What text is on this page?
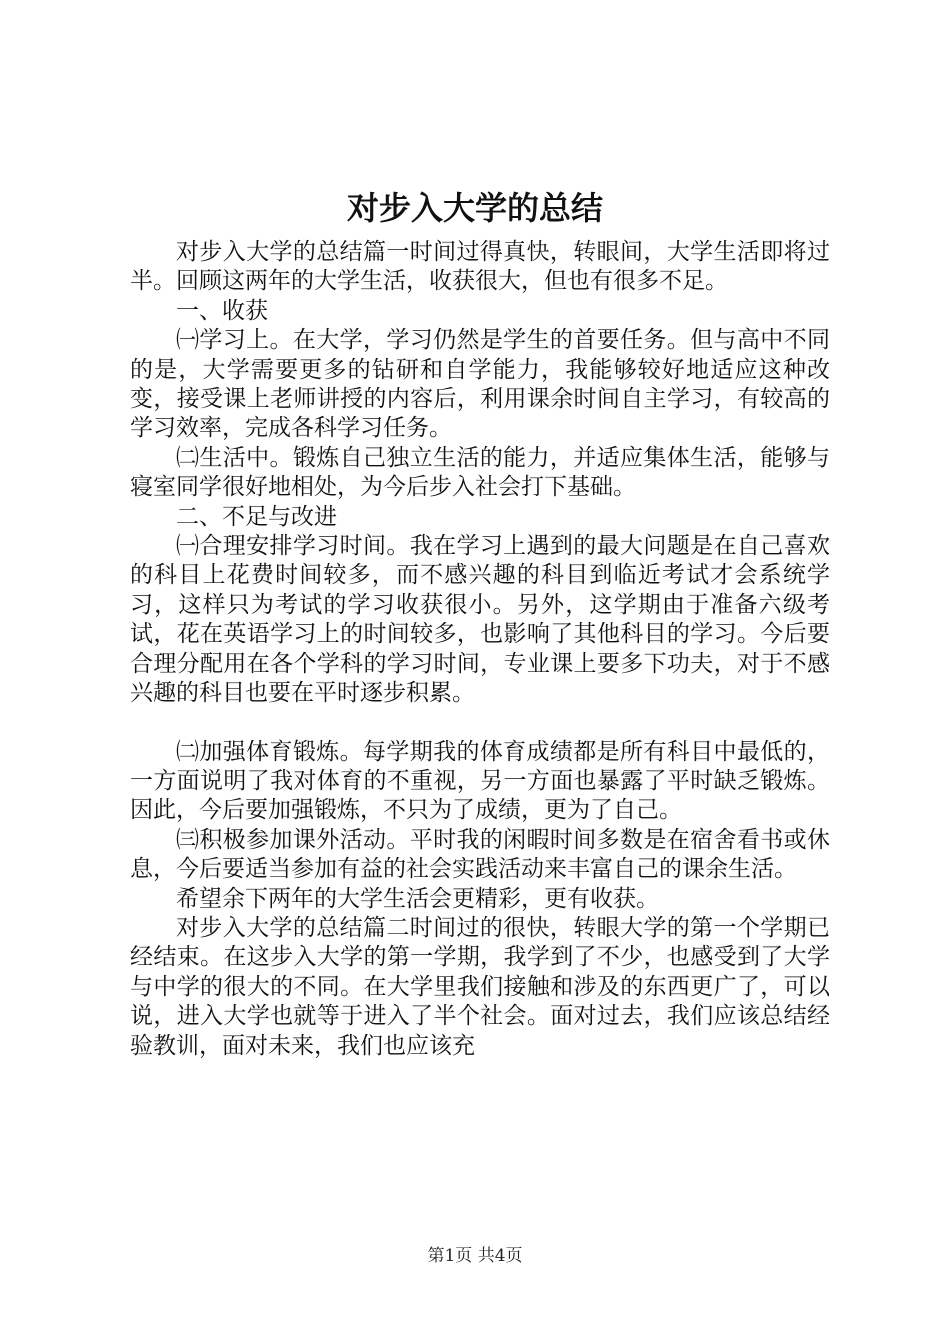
对步入大学的总结

对步入大学的总结篇一时间过得真快，转眼间，大学生活即将过半。回顾这两年的大学生活，收获很大，但也有很多不足。

一、收获

㈠学习上。在大学，学习仍然是学生的首要任务。但与高中不同的是，大学需要更多的钻研和自学能力，我能够较好地适应这种改变，接受课上老师讲授的内容后，利用课余时间自主学习，有较高的学习效率，完成各科学习任务。

㈡生活中。锻炼自己独立生活的能力，并适应集体生活，能够与寝室同学很好地相处，为今后步入社会打下基础。

二、不足与改进

㈠合理安排学习时间。我在学习上遇到的最大问题是在自己喜欢的科目上花费时间较多，而不感兴趣的科目到临近考试才会系统学习，这样只为考试的学习收获很小。另外，这学期由于准备六级考试，花在英语学习上的时间较多，也影响了其他科目的学习。今后要合理分配用在各个学科的学习时间，专业课上要多下功夫，对于不感兴趣的科目也要在平时逐步积累。

㈡加强体育锻炼。每学期我的体育成绩都是所有科目中最低的，一方面说明了我对体育的不重视，另一方面也暴露了平时缺乏锻炼。因此，今后要加强锻炼，不只为了成绩，更为了自己。

㈢积极参加课外活动。平时我的闲暇时间多数是在宿舍看书或休息，今后要适当参加有益的社会实践活动来丰富自己的课余生活。

希望余下两年的大学生活会更精彩，更有收获。

对步入大学的总结篇二时间过的很快，转眼大学的第一个学期已经结束。在这步入大学的第一学期，我学到了不少，也感受到了大学与中学的很大的不同。在大学里我们接触和涉及的东西更广了，可以说，进入大学也就等于进入了半个社会。面对过去，我们应该总结经验教训，面对未来，我们也应该充

第1页 共4页
